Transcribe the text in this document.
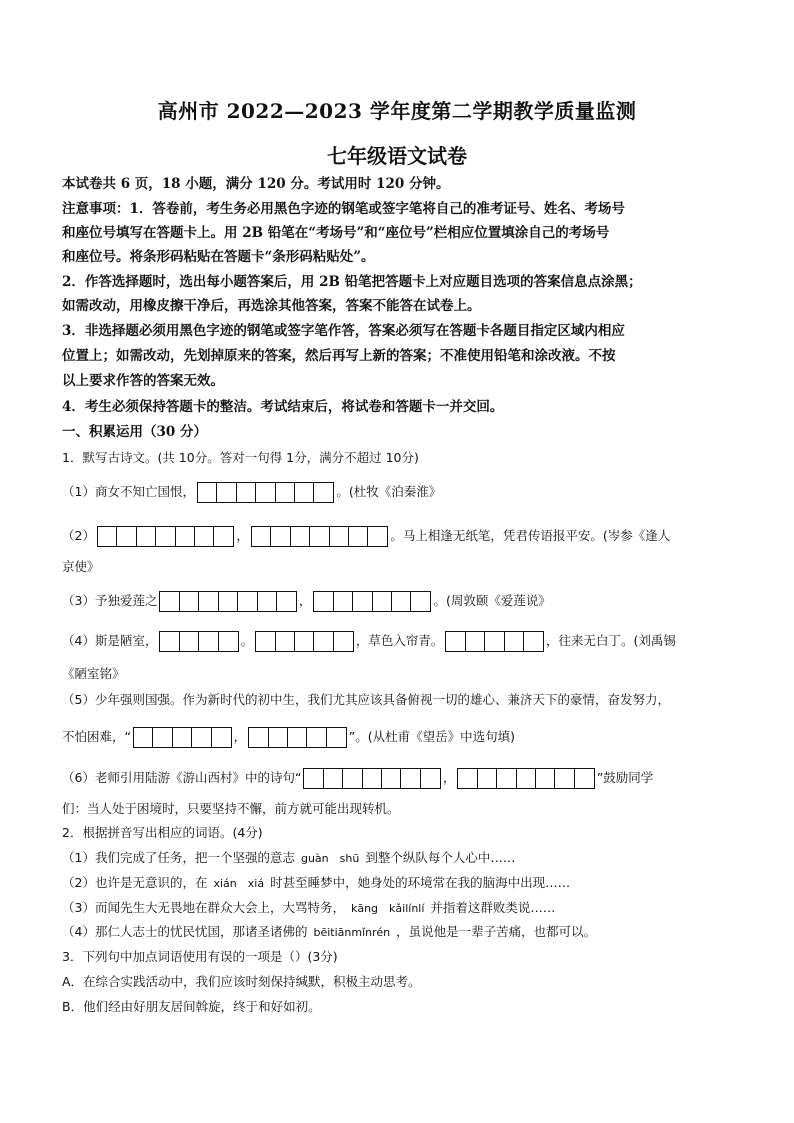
高州市 2022—2023 学年度第二学期教学质量监测
七年级语文试卷
本试卷共 6 页，18 小题，满分 120 分。考试用时 120 分钟。
注意事项：1．答卷前，考生务必用黑色字迹的钢笔或签字笔将自己的准考证号、姓名、考场号
和座位号填写在答题卡上。用 2B 铅笔在“考场号”和“座位号”栏相应位置填涂自己的考场号
和座位号。将条形码粘贴在答题卡“条形码粘贴处”。
2．作答选择题时，选出每小题答案后，用 2B 铅笔把答题卡上对应题目选项的答案信息点涂黑；
如需改动，用橡皮擦干净后，再选涂其他答案，答案不能答在试卷上。
3．非选择题必须用黑色字迹的钢笔或签字笔作答，答案必须写在答题卡各题目指定区域内相应
位置上；如需改动，先划掉原来的答案，然后再写上新的答案；不准使用铅笔和涂改液。不按
以上要求作答的答案无效。
4．考生必须保持答题卡的整洁。考试结束后，将试卷和答题卡一并交回。
一、积累运用（30 分）
1．默写古诗文。(共 10分。答对一句得 1分，满分不超过 10分)
（1）商女不知亡国恨，	。(杜牧《泊秦淮》
（2）	，	。马上相逢无纸笔，凭君传语报平安。(岑参《逢人
京使》
（3）予独爱莲之	，	。(周敦颐《爱莲说》
（4）斯是陋室，	。	，草色入帘青。	，往来无白丁。(刘禹锡
《陋室铭》
（5）少年强则国强。作为新时代的初中生，我们尤其应该具备俯视一切的雄心、兼济天下的豪情，奋发努力，
不怕困难，“	，	”。(从杜甫《望岳》中选句填)
（6）老师引用陆游《游山西村》中的诗句“	，	”鼓励同学
们：当人处于困境时，只要坚持不懈，前方就可能出现转机。
2．根据拼音写出相应的词语。(4分)
（1）我们完成了任务，把一个坚强的意志 guàn　shū 到整个纵队每个人心中……
（2）也许是无意识的，在 xián　xiá 时甚至睡梦中，她身处的环境常在我的脑海中出现……
（3）而闻先生大无畏地在群众大会上，大骂特务， kāng　kǎilínlí 并指着这群败类说……
（4）那仁人志士的忧民忧国，那诸圣诸佛的 bēitiānmǐnrén ，虽说他是一辈子苦痛，也都可以。
3．下列句中加点词语使用有误的一项是（）(3分)
A．在综合实践活动中，我们应该时刻保持缄默，积极主动思考。
B．他们经由好朋友居间斡旋，终于和好如初。
